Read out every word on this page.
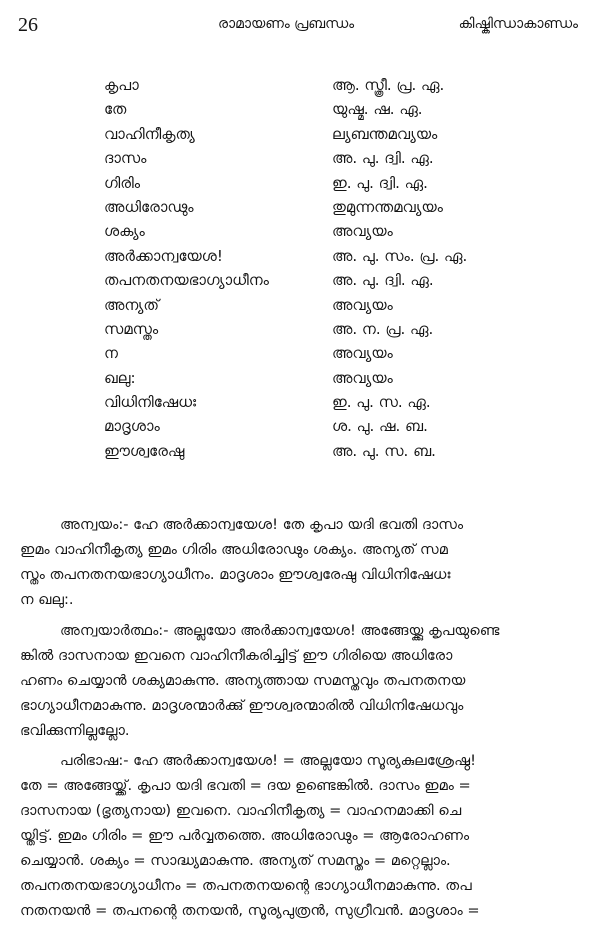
26	രാമായണം പ്രബന്ധം	കിഷ്കിന്ധാകാണ്ഡം
കൃപാ	ആ. സ്ത്രീ. പ്ര. ഏ.
തേ	യുഷ്മ. ഷ. ഏ.
വാഹിനീകൃത്യ	ല്യബന്തമവ്യയം
ദാസം	അ. പു. ദ്വി. ഏ.
ഗിരിം	ഇ. പു. ദ്വി. ഏ.
അധിരോഢും	തുമുന്നന്തമവ്യയം
ശക്യം	അവ്യയം
അർക്കാന്വയേശ!	അ. പു. സം. പ്ര. ഏ.
തപനതനയഭാഗ്യാധീനം	അ. പു. ദ്വി. ഏ.
അന്യത്	അവ്യയം
സമസ്തം	അ. ന. പ്ര. ഏ.
ന	അവ്യയം
ഖലു:	അവ്യയം
വിധിനിഷേധഃ	ഇ. പു. സ. ഏ.
മാദൃശാം	ശ. പു. ഷ. ബ.
ഈശ്വരേഷു	അ. പു. സ. ബ.

അന്വയം:- ഹേ അർക്കാന്വയേശ! തേ കൃപാ യദി ഭവതി ദാസം
ഇമം വാഹിനീകൃത്യ ഇമം ഗിരിം അധിരോഢും ശക്യം. അന്യത് സമ
സ്തം തപനതനയഭാഗ്യാധീനം. മാദൃശാം ഈശ്വരേഷു വിധിനിഷേധഃ
ന ഖലു:.

അന്വയാർത്ഥം:- അല്ലയോ അർക്കാന്വയേശ! അങ്ങേയ്ക്കു കൃപയുണ്ടെ
ങ്കിൽ ദാസനായ ഇവനെ വാഹിനീകരിച്ചിട്ട് ഈ ഗിരിയെ അധിരോ
ഹണം ചെയ്യാൻ ശക്യമാകുന്നു. അന്യത്തായ സമസ്തവും തപനതനയ
ഭാഗ്യാധീനമാകുന്നു. മാദൃശന്മാർക്കു് ഈശ്വരന്മാരിൽ വിധിനിഷേധവും
ഭവിക്കുന്നില്ലല്ലോ.

പരിഭാഷ:- ഹേ അർക്കാന്വയേശ! = അല്ലയോ സൂര്യകുലശ്രേഷ്ഠ!
തേ = അങ്ങേയ്ക്ക്. കൃപാ യദി ഭവതി = ദയ ഉണ്ടെങ്കിൽ. ദാസം ഇമം =
ദാസനായ (ഭൃത്യനായ) ഇവനെ. വാഹിനീകൃത്യ = വാഹനമാക്കി ചെ
യ്തിട്ട്. ഇമം ഗിരിം = ഈ പർവ്വതത്തെ. അധിരോഢും = ആരോഹണം
ചെയ്യാൻ. ശക്യം = സാദ്ധ്യമാകുന്നു. അന്യത് സമസ്തം = മറ്റെല്ലാം.
തപനതനയഭാഗ്യാധീനം = തപനതനയന്റെ ഭാഗ്യാധീനമാകുന്നു. തപ
നതനയൻ = തപനന്റെ തനയൻ, സൂര്യപുത്രൻ, സുഗ്രീവൻ. മാദൃശാം =
